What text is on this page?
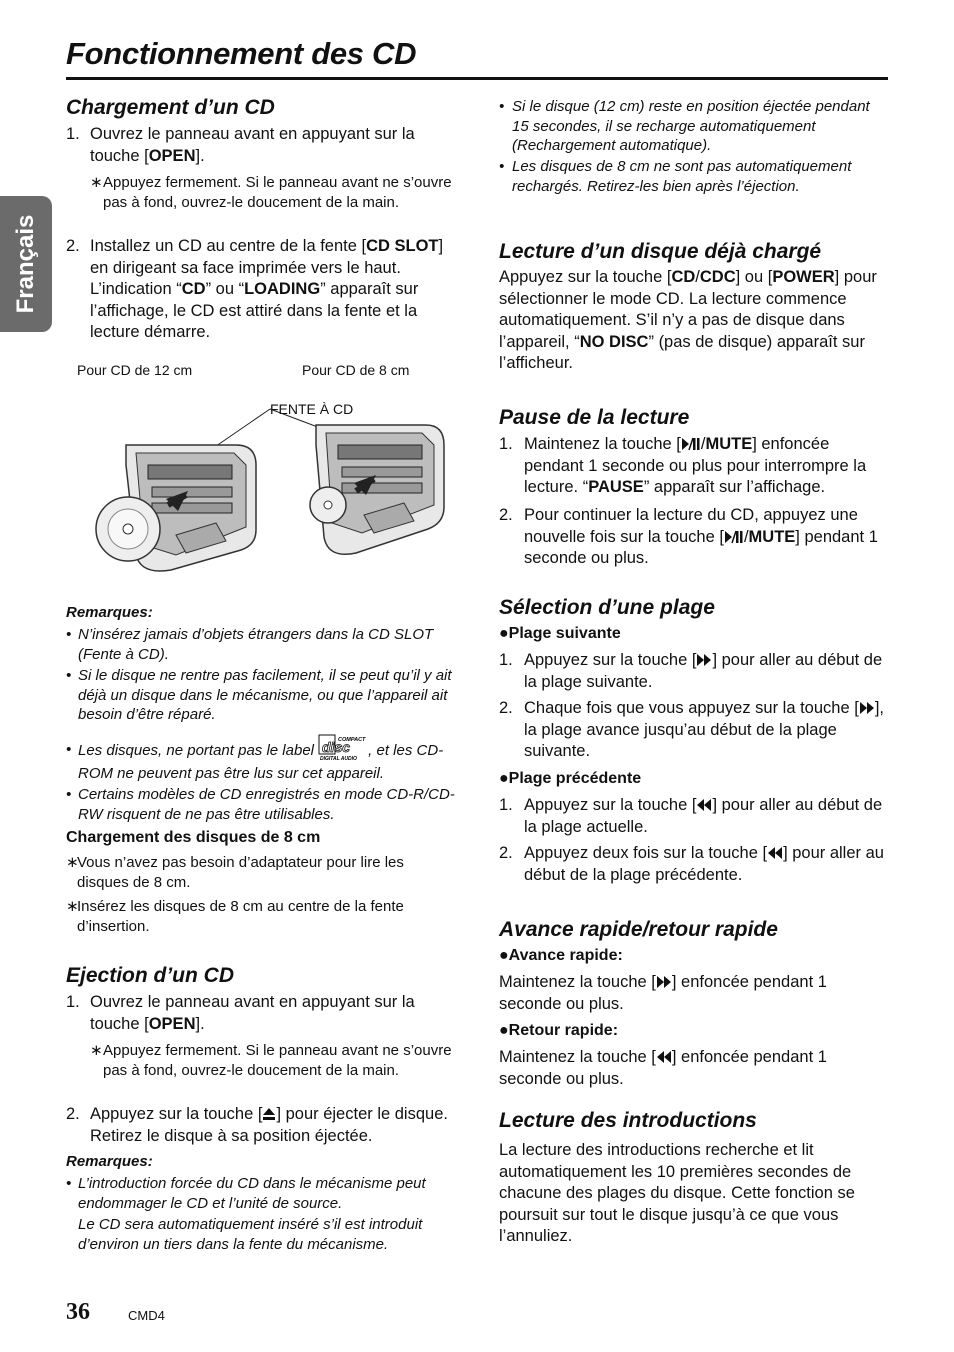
Fonctionnement des CD
Français
Chargement d’un CD
1. Ouvrez le panneau avant en appuyant sur la touche [OPEN].
∗ Appuyez fermement. Si le panneau avant ne s’ouvre pas à fond, ouvrez-le doucement de la main.
2. Installez un CD au centre de la fente [CD SLOT] en dirigeant sa face imprimée vers le haut. L’indication “CD” ou “LOADING” apparaît sur l’affichage, le CD est attiré dans la fente et la lecture démarre.
Pour CD de 12 cm	Pour CD de 8 cm
FENTE À CD
Remarques:
• N’insérez jamais d’objets étrangers dans la CD SLOT (Fente à CD).
• Si le disque ne rentre pas facilement, il se peut qu’il y ait déjà un disque dans le mécanisme, ou que l’appareil ait besoin d’être réparé.
• Les disques, ne portant pas le label
COMPACT
DIGITAL AUDIO
disc , et les CD-ROM ne peuvent pas être lus sur cet appareil.
• Certains modèles de CD enregistrés en mode CD-R/CD-RW risquent de ne pas être utilisables.
Chargement des disques de 8 cm
∗
Vous n’avez pas besoin d’adaptateur pour lire les disques de 8 cm.
∗
Insérez les disques de 8 cm au centre de la fente d’insertion.
Ejection d’un CD
1. Ouvrez le panneau avant en appuyant sur la touche [OPEN].
∗ Appuyez fermement. Si le panneau avant ne s’ouvre pas à fond, ouvrez-le doucement de la main.
2. Appuyez sur la touche [ ] pour éjecter le disque. Retirez le disque à sa position éjectée.
Remarques:
• L’introduction forcée du CD dans le mécanisme peut endommager le CD et l’unité de source.
Le CD sera automatiquement inséré s’il est introduit d’environ un tiers dans la fente du mécanisme.
• Si le disque (12 cm) reste en position éjectée pendant 15 secondes, il se recharge automatiquement (Rechargement automatique).
• Les disques de 8 cm ne sont pas automatiquement rechargés. Retirez-les bien après l’éjection.
Lecture d’un disque déjà chargé
Appuyez sur la touche [CD/CDC] ou [POWER] pour sélectionner le mode CD. La lecture commence automatiquement. S’il n’y a pas de disque dans l’appareil, “NO DISC” (pas de disque) apparaît sur l’afficheur.
Pause de la lecture
1. Maintenez la touche [ /MUTE] enfoncée pendant 1 seconde ou plus pour interrompre la lecture. “PAUSE” apparaît sur l’affichage.
2. Pour continuer la lecture du CD, appuyez une nouvelle fois sur la touche [ /MUTE] pendant 1 seconde ou plus.
Sélection d’une plage
●Plage suivante
1. Appuyez sur la touche [ ] pour aller au début de la plage suivante.
2. Chaque fois que vous appuyez sur la touche [ ], la plage avance jusqu’au début de la plage suivante.
●Plage précédente
1. Appuyez sur la touche [ ] pour aller au début de la plage actuelle.
2. Appuyez deux fois sur la touche [ ] pour aller au début de la plage précédente.
Avance rapide/retour rapide
●Avance rapide:
Maintenez la touche [ ] enfoncée pendant 1 seconde ou plus.
●Retour rapide:
Maintenez la touche [ ] enfoncée pendant 1 seconde ou plus.
Lecture des introductions
La lecture des introductions recherche et lit automatiquement les 10 premières secondes de chacune des plages du disque. Cette fonction se poursuit sur tout le disque jusqu’à ce que vous l’annuliez.
36	CMD4
